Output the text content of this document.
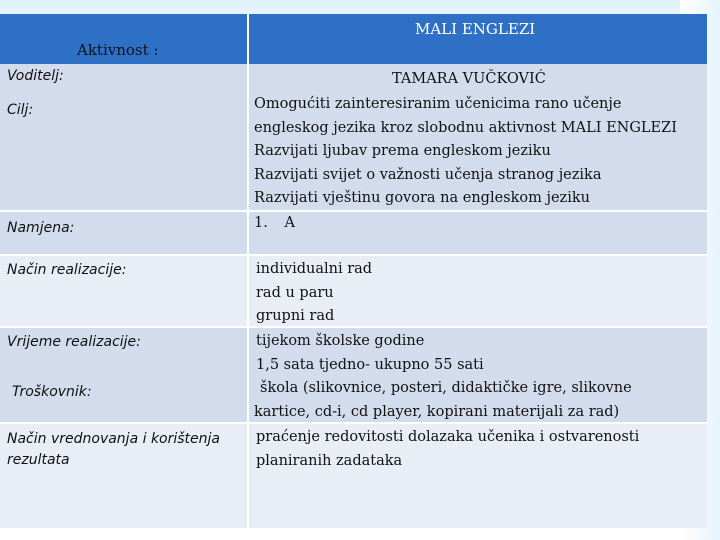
Aktivnost :
MALI ENGLEZI
Voditelj:
Cilj:
Namjena:
Način realizacije:
Vrijeme realizacije:
Troškovnik:
Način vrednovanja i korištenja
rezultata
TAMARA VUČKOVIĆ
Omogućiti zainteresiranim učenicima rano učenje
engleskog jezika kroz slobodnu aktivnost MALI ENGLEZI
Razvijati ljubav prema engleskom jeziku
Razvijati svijet o važnosti učenja stranog jezika
Razvijati vještinu govora na engleskom jeziku
1. A
individualni rad
rad u paru
grupni rad
tijekom školske godine
1,5 sata tjedno- ukupno 55 sati
škola (slikovnice, posteri, didaktičke igre, slikovne
kartice, cd-i, cd player, kopirani materijali za rad)
praćenje redovitosti dolazaka učenika i ostvarenosti
planiranih zadataka
